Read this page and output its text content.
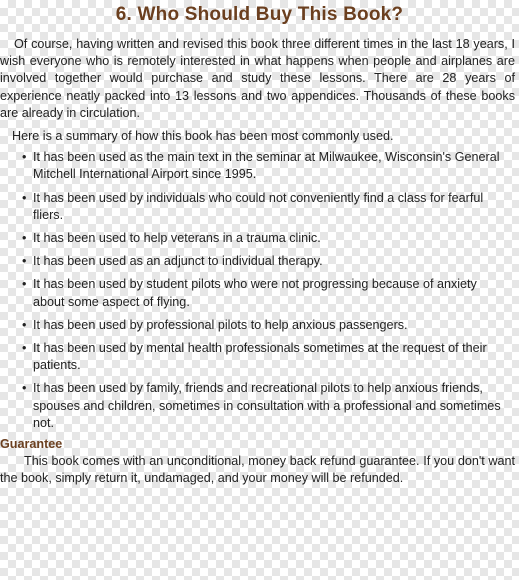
6. Who Should Buy This Book?

Of course, having written and revised this book three different times in the last 18 years, I wish everyone who is remotely interested in what happens when people and airplanes are involved together would purchase and study these lessons. There are 28 years of experience neatly packed into 13 lessons and two appendices. Thousands of these books are already in circulation.

Here is a summary of how this book has been most commonly used.

• It has been used as the main text in the seminar at Milwaukee, Wisconsin's General Mitchell International Airport since 1995.
• It has been used by individuals who could not conveniently find a class for fearful fliers.
• It has been used to help veterans in a trauma clinic.
• It has been used as an adjunct to individual therapy.
• It has been used by student pilots who were not progressing because of anxiety about some aspect of flying.
• It has been used by professional pilots to help anxious passengers.
• It has been used by mental health professionals sometimes at the request of their patients.
• It has been used by family, friends and recreational pilots to help anxious friends, spouses and children, sometimes in consultation with a professional and sometimes not.
Guarantee

This book comes with an unconditional, money back refund guarantee. If you don't want the book, simply return it, undamaged, and your money will be refunded.
